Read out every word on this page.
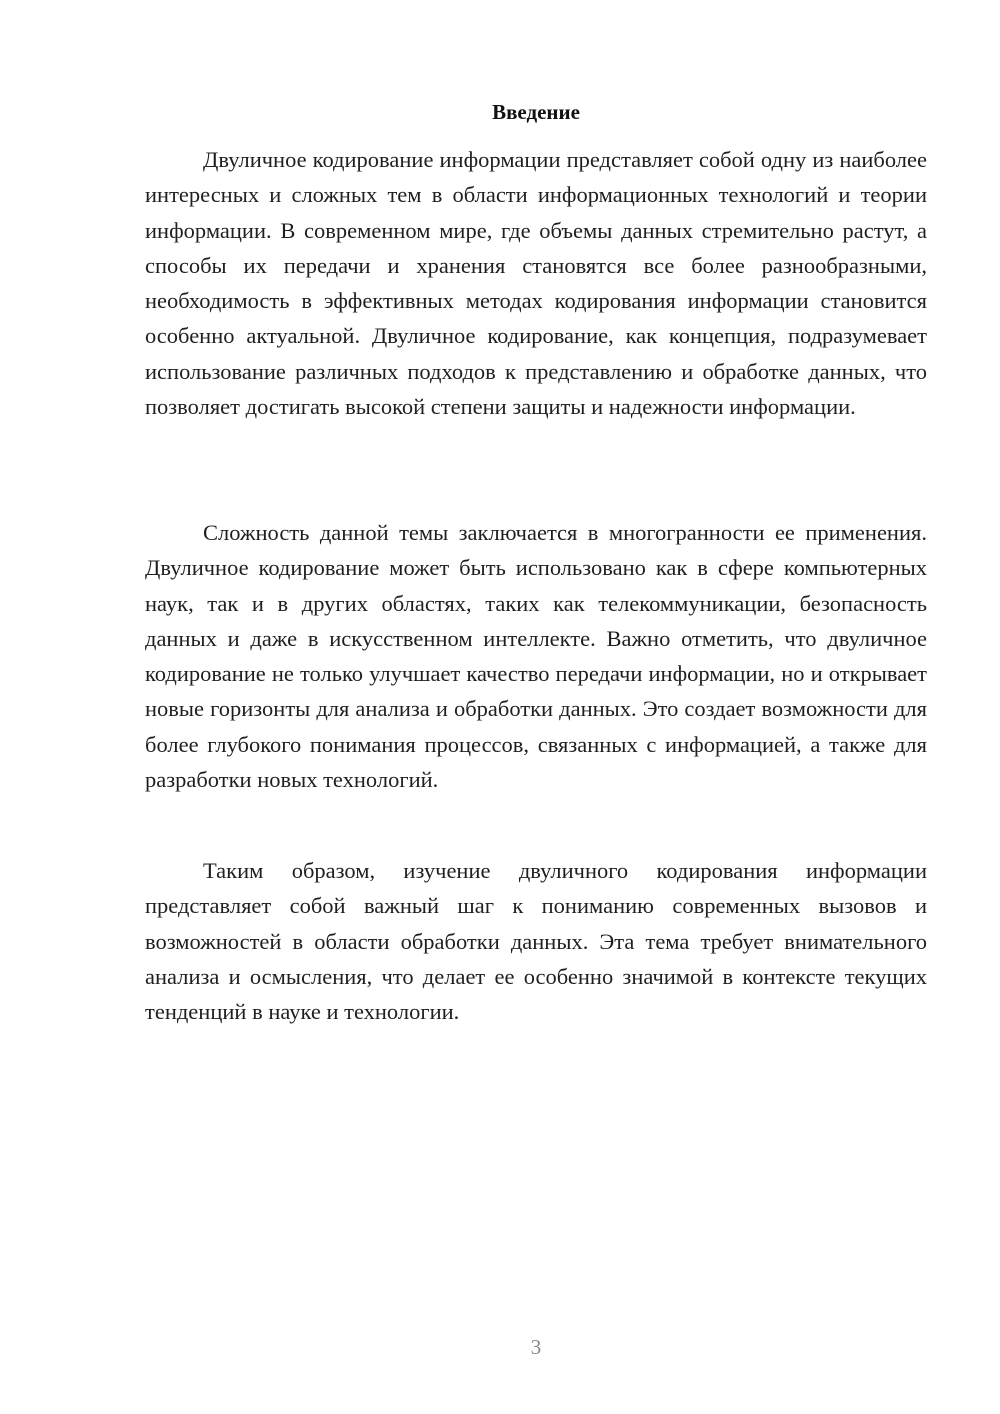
Введение

Двуличное кодирование информации представляет собой одну из наиболее интересных и сложных тем в области информационных технологий и теории информации. В современном мире, где объемы данных стремительно растут, а способы их передачи и хранения становятся все более разнообразными, необходимость в эффективных методах кодирования информации становится особенно актуальной. Двуличное кодирование, как концепция, подразумевает использование различных подходов к представлению и обработке данных, что позволяет достигать высокой степени защиты и надежности информации.

Сложность данной темы заключается в многогранности ее применения. Двуличное кодирование может быть использовано как в сфере компьютерных наук, так и в других областях, таких как телекоммуникации, безопасность данных и даже в искусственном интеллекте. Важно отметить, что двуличное кодирование не только улучшает качество передачи информации, но и открывает новые горизонты для анализа и обработки данных. Это создает возможности для более глубокого понимания процессов, связанных с информацией, а также для разработки новых технологий.

Таким образом, изучение двуличного кодирования информации представляет собой важный шаг к пониманию современных вызовов и возможностей в области обработки данных. Эта тема требует внимательного анализа и осмысления, что делает ее особенно значимой в контексте текущих тенденций в науке и технологии.

3
